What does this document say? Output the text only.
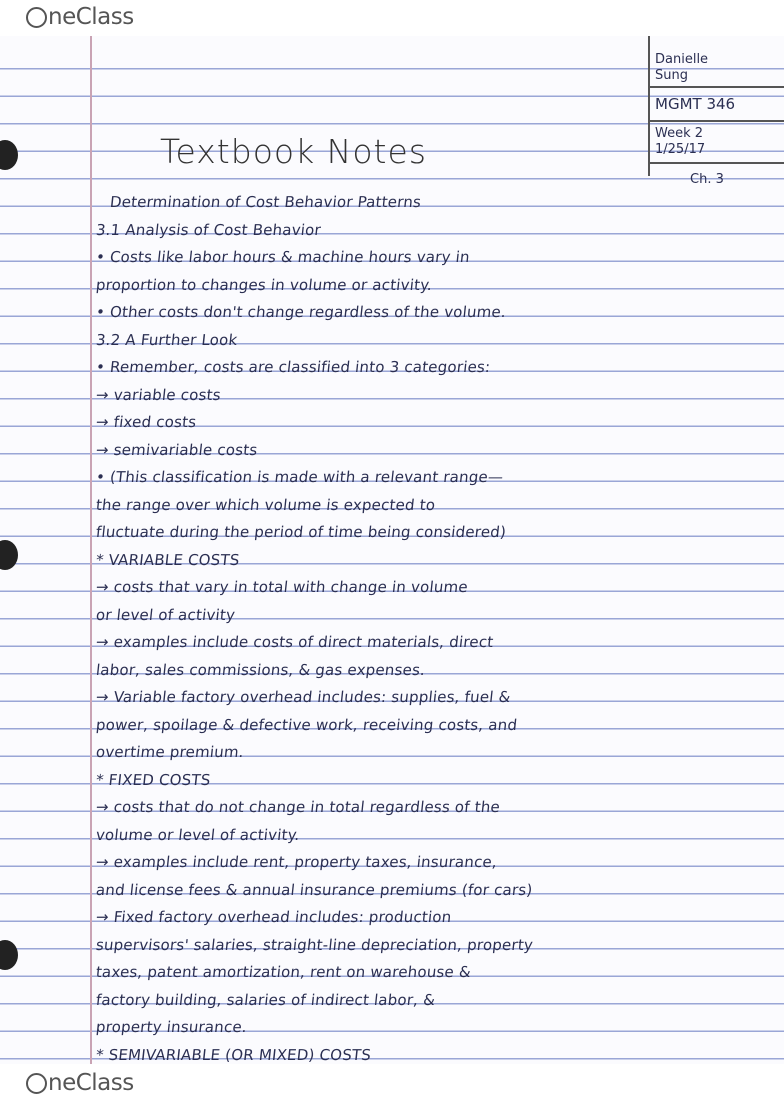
neClass
Danielle
Sung
MGMT 346
Week 2
1/25/17
Ch. 3
Textbook Notes
Determination of Cost Behavior Patterns
3.1 Analysis of Cost Behavior
• Costs like labor hours & machine hours vary in
proportion to changes in volume or activity.
• Other costs don't change regardless of the volume.
3.2 A Further Look
• Remember, costs are classified into 3 categories:
→ variable costs
→ fixed costs
→ semivariable costs
• (This classification is made with a relevant range—
the range over which volume is expected to
fluctuate during the period of time being considered)
* VARIABLE COSTS
→ costs that vary in total with change in volume
or level of activity
→ examples include costs of direct materials, direct
labor, sales commissions, & gas expenses.
→ Variable factory overhead includes: supplies, fuel &
power, spoilage & defective work, receiving costs, and
overtime premium.
* FIXED COSTS
→ costs that do not change in total regardless of the
volume or level of activity.
→ examples include rent, property taxes, insurance,
and license fees & annual insurance premiums (for cars)
→ Fixed factory overhead includes: production
supervisors' salaries, straight-line depreciation, property
taxes, patent amortization, rent on warehouse &
factory building, salaries of indirect labor, &
property insurance.
* SEMIVARIABLE (OR MIXED) COSTS
neClass
